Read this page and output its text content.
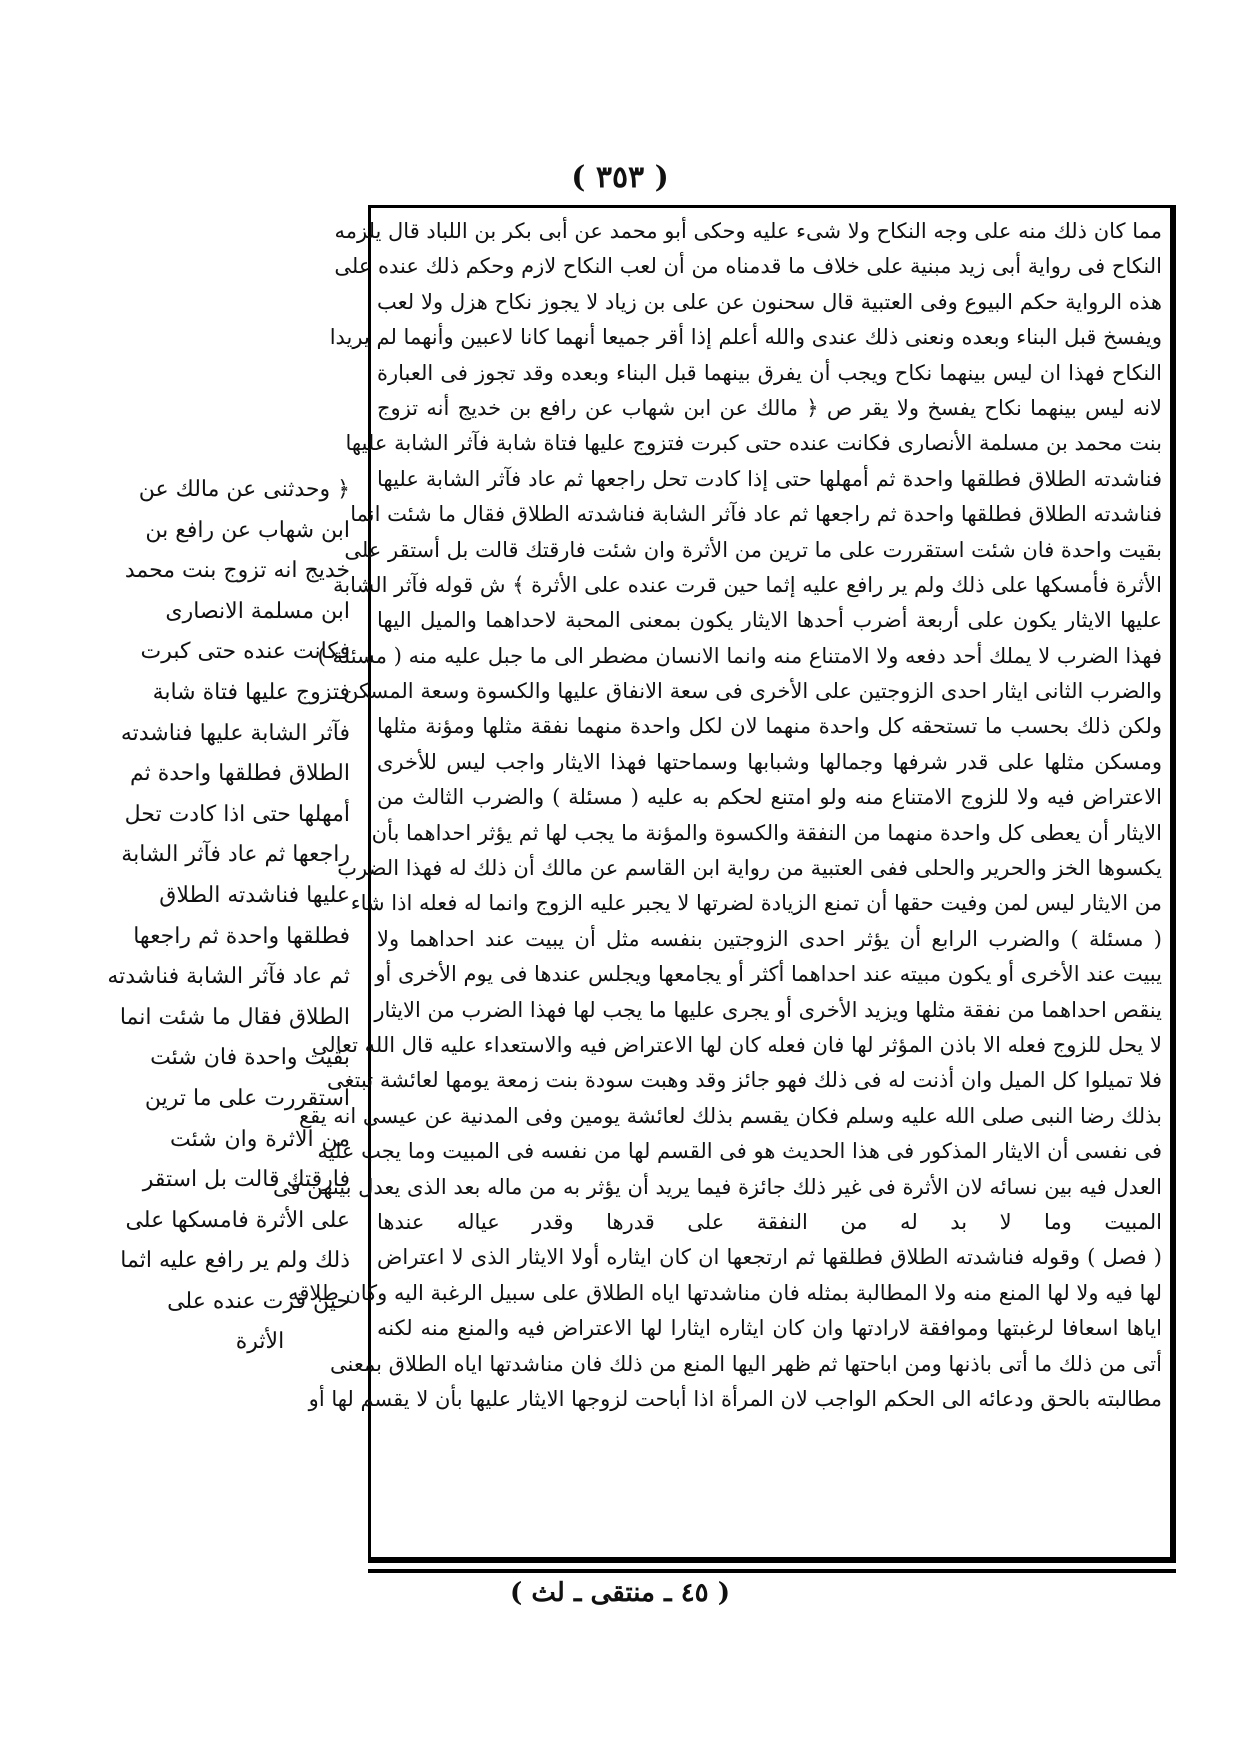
( ٣٥٣ )
مما كان ذلك منه على وجه النكاح ولا شىء عليه وحكى أبو محمد عن أبى بكر بن اللباد قال يلزمه
النكاح فى رواية أبى زيد مبنية على خلاف ما قدمناه من أن لعب النكاح لازم وحكم ذلك عنده على
هذه الرواية حكم البيوع وفى العتبية قال سحنون عن على بن زياد لا يجوز نكاح هزل ولا لعب
ويفسخ قبل البناء وبعده ونعنى ذلك عندى والله أعلم إذا أقر جميعا أنهما كانا لاعبين وأنهما لم يريدا
النكاح فهذا ان ليس بينهما نكاح ويجب أن يفرق بينهما قبل البناء وبعده وقد تجوز فى العبارة
لانه ليس بينهما نكاح يفسخ ولا يقر ص ﴿ مالك عن ابن شهاب عن رافع بن خديج أنه تزوج
بنت محمد بن مسلمة الأنصارى فكانت عنده حتى كبرت فتزوج عليها فتاة شابة فآثر الشابة عليها
فناشدته الطلاق فطلقها واحدة ثم أمهلها حتى إذا كادت تحل راجعها ثم عاد فآثر الشابة عليها
فناشدته الطلاق فطلقها واحدة ثم راجعها ثم عاد فآثر الشابة فناشدته الطلاق فقال ما شئت انما
بقيت واحدة فان شئت استقررت على ما ترين من الأثرة وان شئت فارقتك قالت بل أستقر على
الأثرة فأمسكها على ذلك ولم ير رافع عليه إثما حين قرت عنده على الأثرة ﴾ ش قوله فآثر الشابة
عليها الايثار يكون على أربعة أضرب أحدها الايثار يكون بمعنى المحبة لاحداهما والميل اليها
فهذا الضرب لا يملك أحد دفعه ولا الامتناع منه وانما الانسان مضطر الى ما جبل عليه منه ( مسئلة )
والضرب الثانى ايثار احدى الزوجتين على الأخرى فى سعة الانفاق عليها والكسوة وسعة المسكن
ولكن ذلك بحسب ما تستحقه كل واحدة منهما لان لكل واحدة منهما نفقة مثلها ومؤنة مثلها
ومسكن مثلها على قدر شرفها وجمالها وشبابها وسماحتها فهذا الايثار واجب ليس للأخرى
الاعتراض فيه ولا للزوج الامتناع منه ولو امتنع لحكم به عليه ( مسئلة ) والضرب الثالث من
الايثار أن يعطى كل واحدة منهما من النفقة والكسوة والمؤنة ما يجب لها ثم يؤثر احداهما بأن
يكسوها الخز والحرير والحلى ففى العتبية من رواية ابن القاسم عن مالك أن ذلك له فهذا الضرب
من الايثار ليس لمن وفيت حقها أن تمنع الزيادة لضرتها لا يجبر عليه الزوج وانما له فعله اذا شاء
( مسئلة ) والضرب الرابع أن يؤثر احدى الزوجتين بنفسه مثل أن يبيت عند احداهما ولا
يبيت عند الأخرى أو يكون مبيته عند احداهما أكثر أو يجامعها ويجلس عندها فى يوم الأخرى أو
ينقص احداهما من نفقة مثلها ويزيد الأخرى أو يجرى عليها ما يجب لها فهذا الضرب من الايثار
لا يحل للزوج فعله الا باذن المؤثر لها فان فعله كان لها الاعتراض فيه والاستعداء عليه قال الله تعالى
فلا تميلوا كل الميل وان أذنت له فى ذلك فهو جائز وقد وهبت سودة بنت زمعة يومها لعائشة تبتغى
بذلك رضا النبى صلى الله عليه وسلم فكان يقسم بذلك لعائشة يومين وفى المدنية عن عيسى انه يقع
فى نفسى أن الايثار المذكور فى هذا الحديث هو فى القسم لها من نفسه فى المبيت وما يجب عليه
العدل فيه بين نسائه لان الأثرة فى غير ذلك جائزة فيما يريد أن يؤثر به من ماله بعد الذى يعدل بينهن فى
المبيت وما لا بد له من النفقة على قدرها وقدر عياله عندها
( فصل ) وقوله فناشدته الطلاق فطلقها ثم ارتجعها ان كان ايثاره أولا الايثار الذى لا اعتراض
لها فيه ولا لها المنع منه ولا المطالبة بمثله فان مناشدتها اياه الطلاق على سبيل الرغبة اليه وكان طلاقه
اياها اسعافا لرغبتها وموافقة لارادتها وان كان ايثاره ايثارا لها الاعتراض فيه والمنع منه لكنه
أتى من ذلك ما أتى باذنها ومن اباحتها ثم ظهر اليها المنع من ذلك فان مناشدتها اياه الطلاق بمعنى
مطالبته بالحق ودعائه الى الحكم الواجب لان المرأة اذا أباحت لزوجها الايثار عليها بأن لا يقسم لها أو
﴿ وحدثنى عن مالك عن
ابن شهاب عن رافع بن
خديج انه تزوج بنت محمد
ابن مسلمة الانصارى
فكانت عنده حتى كبرت
فتزوج عليها فتاة شابة
فآثر الشابة عليها فناشدته
الطلاق فطلقها واحدة ثم
أمهلها حتى اذا كادت تحل
راجعها ثم عاد فآثر الشابة
عليها فناشدته الطلاق
فطلقها واحدة ثم راجعها
ثم عاد فآثر الشابة فناشدته
الطلاق فقال ما شئت انما
بقيت واحدة فان شئت
استقررت على ما ترين
من الاثرة وان شئت
فارقتك قالت بل استقر
على الأثرة فامسكها على
ذلك ولم ير رافع عليه اثما
حين قرت عنده على
الأثرة
( ٤٥ ـ منتقى ـ لث )
